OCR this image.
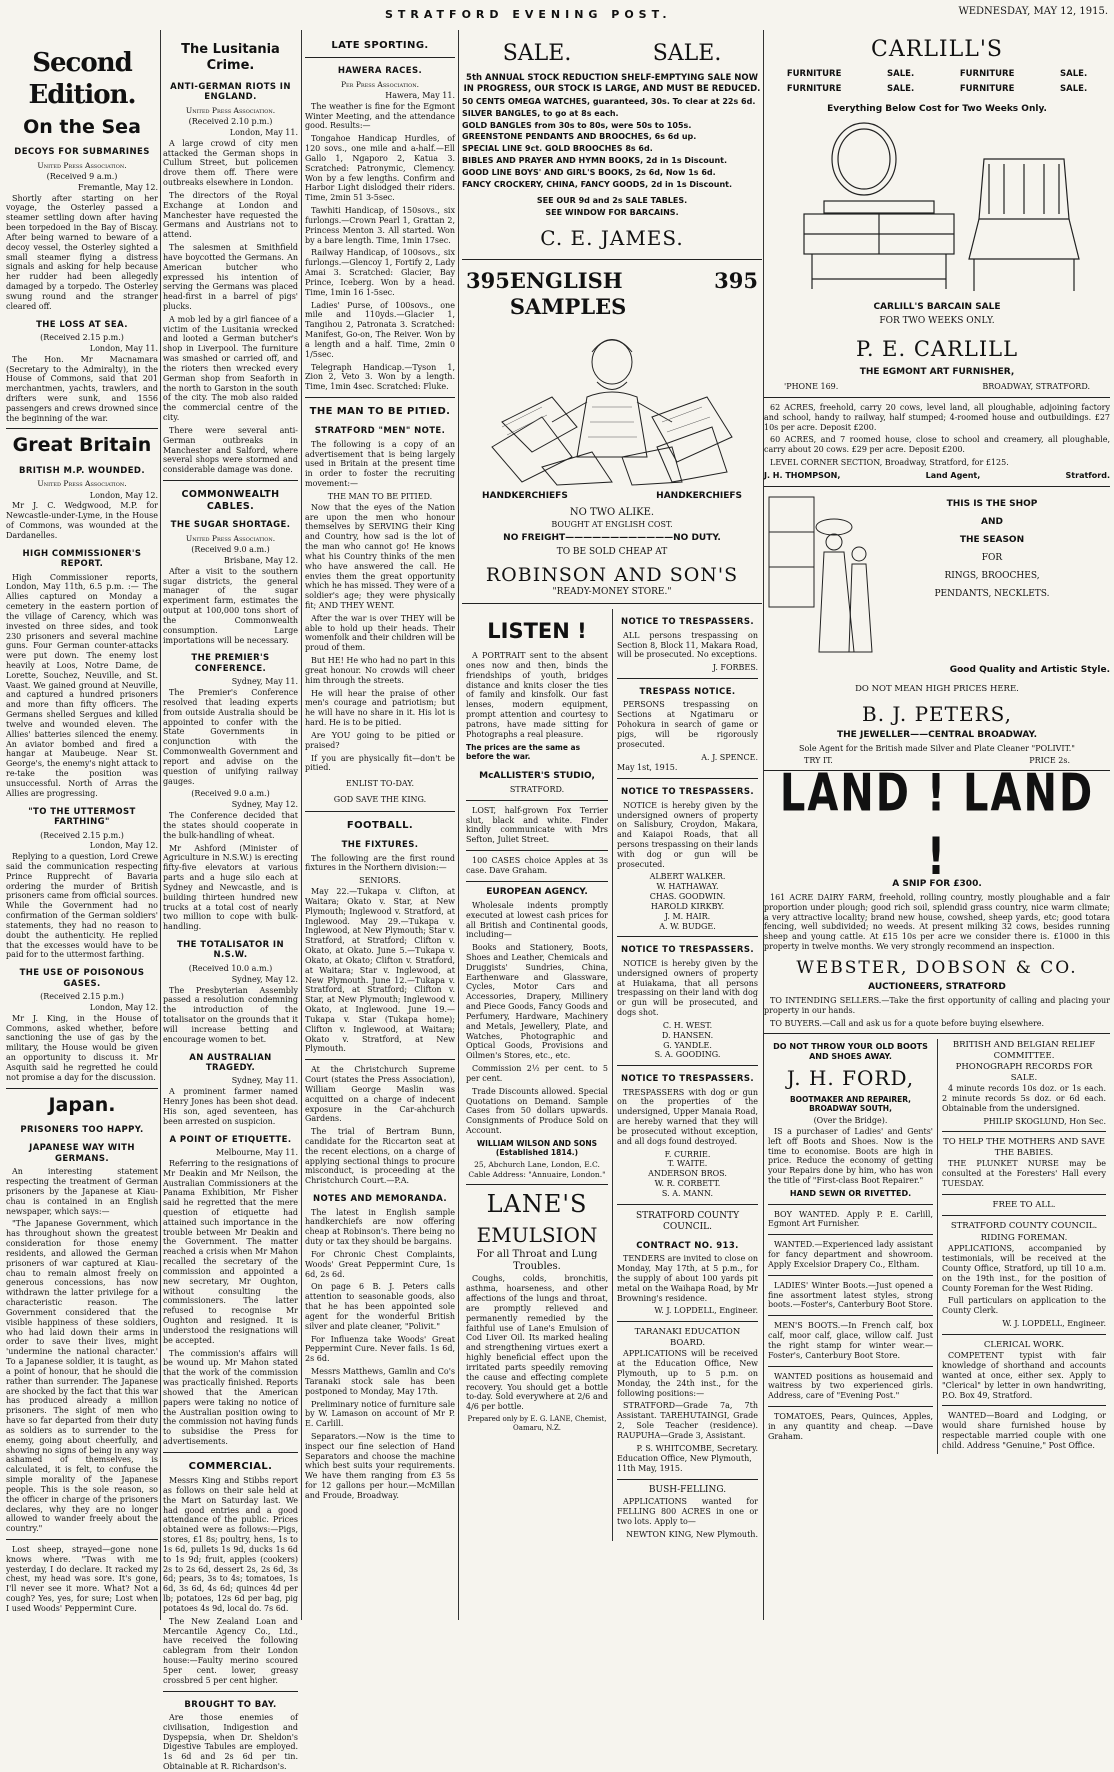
STRATFORD EVENING POST.	WEDNESDAY, MAY 12, 1915.
Second Edition.
On the Sea
DECOYS FOR SUBMARINES
United Press Association.
(Received 9 a.m.)
Fremantle, May 12.

Shortly after starting on her voyage, the Osterley passed a steamer settling down after having been torpedoed in the Bay of Biscay. After being warned to beware of a decoy vessel, the Osterley sighted a small steamer flying a distress signals and asking for help because her rudder had been allegedly damaged by a torpedo. The Osterley swung round and the stranger cleared off.

THE LOSS AT SEA.
(Received 2.15 p.m.)
London, May 11.

The Hon. Mr Macnamara (Secretary to the Admiralty), in the House of Commons, said that 201 merchantmen, yachts, trawlers, and drifters were sunk, and 1556 passengers and crews drowned since the beginning of the war.

Great Britain
BRITISH M.P. WOUNDED.
United Press Association.
London, May 12.

Mr J. C. Wedgwood, M.P. for Newcastle-under-Lyme, in the House of Commons, was wounded at the Dardanelles.

HIGH COMMISSIONER'S REPORT.

High Commissioner reports, London, May 11th, 6.5 p.m. :— The Allies captured on Monday a cemetery in the eastern portion of the village of Carency, which was invested on three sides, and took 230 prisoners and several machine guns. Four German counter-attacks were put down. The enemy lost heavily at Loos, Notre Dame, de Lorette, Souchez, Neuville, and St. Vaast. We gained ground at Neuville, and captured a hundred prisoners and more than fifty officers. The Germans shelled Sergues and killed twelve and wounded eleven. The Allies' batteries silenced the enemy. An aviator bombed and fired a hangar at Maubeuge. Near St. George's, the enemy's night attack to re-take the position was unsuccessful. North of Arras the Allies are progressing.

"TO THE UTTERMOST FARTHING"
(Received 2.15 p.m.)
London, May 12.

Replying to a question, Lord Crewe said the communication respecting Prince Rupprecht of Bavaria ordering the murder of British prisoners came from official sources. While the Government had no confirmation of the German soldiers' statements, they had no reason to doubt the authenticity. He replied that the excesses would have to be paid for to the uttermost farthing.

THE USE OF POISONOUS GASES.
(Received 2.15 p.m.)
London, May 12.

Mr J. King, in the House of Commons, asked whether, before sanctioning the use of gas by the military, the House would be given an opportunity to discuss it. Mr Asquith said he regretted he could not promise a day for the discussion.

Japan.
PRISONERS TOO HAPPY.
JAPANESE WAY WITH GERMANS.

An interesting statement respecting the treatment of German prisoners by the Japanese at Kiau-chau is contained in an English newspaper, which says:—

"The Japanese Government, which has throughout shown the greatest consideration for those enemy residents, and allowed the German prisoners of war captured at Kiau-chau to remain almost freely on generous concessions, has now withdrawn the latter privilege for a characteristic reason. The Government considered that the visible happiness of these soldiers, who had laid down their arms in order to save their lives, might 'undermine the national character.' To a Japanese soldier, it is taught, as a point of honour, that he should die rather than surrender. The Japanese are shocked by the fact that this war has produced already a million prisoners. The sight of men who have so far departed from their duty as soldiers as to surrender to the enemy, going about cheerfully, and showing no signs of being in any way ashamed of themselves, is calculated, it is felt, to confuse the simple morality of the Japanese people. This is the sole reason, so the officer in charge of the prisoners declares, why they are no longer allowed to wander freely about the country."

Lost sheep, strayed—gone none knows where. "Twas with me yesterday, I do declare. It racked my chest, my head was sore. It's gone, I'll never see it more. What? Not a cough? Yes, yes, for sure; Lost when I used Woods' Peppermint Cure.

The Lusitania Crime.
ANTI-GERMAN RIOTS IN ENGLAND.
United Press Association.
(Received 2.10 p.m.)
London, May 11.

A large crowd of city men attacked the German shops in Cullum Street, but policemen drove them off. There were outbreaks elsewhere in London.

The directors of the Royal Exchange at London and Manchester have requested the Germans and Austrians not to attend.

The salesmen at Smithfield have boycotted the Germans. An American butcher who expressed his intention of serving the Germans was placed head-first in a barrel of pigs' plucks.

A mob led by a girl fiancee of a victim of the Lusitania wrecked and looted a German butcher's shop in Liverpool. The furniture was smashed or carried off, and the rioters then wrecked every German shop from Seaforth in the north to Garston in the south of the city. The mob also raided the commercial centre of the city.

There were several anti-German outbreaks in Manchester and Salford, where several shops were stormed and considerable damage was done.

COMMONWEALTH CABLES.
THE SUGAR SHORTAGE.
United Press Association.
(Received 9.0 a.m.)
Brisbane, May 12.

After a visit to the southern sugar districts, the general manager of the sugar experiment farm, estimates the output at 100,000 tons short of the Commonwealth consumption. Large importations will be necessary.

THE PREMIER'S CONFERENCE.
Sydney, May 11.

The Premier's Conference resolved that leading experts from outside Australia should be appointed to confer with the State Governments in conjunction with the Commonwealth Government and report and advise on the question of unifying railway gauges.

(Received 9.0 a.m.)
Sydney, May 12.

The Conference decided that the states should cooperate in the bulk-handling of wheat.

Mr Ashford (Minister of Agriculture in N.S.W.) is erecting fifty-five elevators at various parts and a huge silo each at Sydney and Newcastle, and is building thirteen hundred new trucks at a total cost of nearly two million to cope with bulk-handling.

THE TOTALISATOR IN N.S.W.
(Received 10.0 a.m.)
Sydney, May 12.

The Presbyterian Assembly passed a resolution condemning the introduction of the totalisator on the grounds that it will increase betting and encourage women to bet.

AN AUSTRALIAN TRAGEDY.
Sydney, May 11.

A prominent farmer named Henry Jones has been shot dead. His son, aged seventeen, has been arrested on suspicion.

A POINT OF ETIQUETTE.
Melbourne, May 11.

Referring to the resignations of Mr Deakin and Mr Neilson, the Australian Commissioners at the Panama Exhibition, Mr Fisher said he regretted that the mere question of etiquette had attained such importance in the trouble between Mr Deakin and the Government. The matter reached a crisis when Mr Mahon recalled the secretary of the commission and appointed a new secretary, Mr Oughton, without consulting the commissioners. The latter refused to recognise Mr Oughton and resigned. It is understood the resignations will be accepted.

The commission's affairs will be wound up. Mr Mahon stated that the work of the commission was practically finished. Reports showed that the American papers were taking no notice of the Australian position owing to the commission not having funds to subsidise the Press for advertisements.

COMMERCIAL.

Messrs King and Stibbs report as follows on their sale held at the Mart on Saturday last. We had good entries and a good attendance of the public. Prices obtained were as follows:—Pigs, stores, £1 8s; poultry, hens, 1s to 1s 6d, pullets 1s 9d, ducks 1s 6d to 1s 9d; fruit, apples (cookers) 2s to 2s 6d, dessert 2s, 2s 6d, 3s 6d; pears, 3s to 4s; tomatoes, 1s 6d, 3s 6d, 4s 6d; quinces 4d per lb; potatoes, 12s 6d per bag, pig potatoes 4s 9d, local do. 7s 6d.

The New Zealand Loan and Mercantile Agency Co., Ltd., have received the following cablegram from their London house:—Faulty merino scoured 5per cent. lower, greasy crossbred 5 per cent higher.

BROUGHT TO BAY.

Are those enemies of civilisation, Indigestion and Dyspepsia, when Dr. Sheldon's Digestive Tabules are employed. 1s 6d and 2s 6d per tin. Obtainable at R. Richardson's.

LATE SPORTING.
HAWERA RACES.
Per Press Association.
Hawera, May 11.

The weather is fine for the Egmont Winter Meeting, and the attendance good. Results:—

Tongahoe Handicap Hurdles, of 120 sovs., one mile and a-half.—Ell Gallo 1, Ngaporo 2, Katua 3. Scratched: Patronymic, Clemency. Won by a few lengths. Confirm and Harbor Light dislodged their riders. Time, 2min 51 3-5sec.

Tawhiti Handicap, of 150sovs., six furlongs.—Crown Pearl 1, Grattan 2, Princess Menton 3. All started. Won by a bare length. Time, 1min 17sec.

Railway Handicap, of 100sovs., six furlongs.—Glencoy 1, Fortify 2, Lady Amai 3. Scratched: Glacier, Bay Prince, Iceberg. Won by a head. Time, 1min 16 1-5sec.

Ladies' Purse, of 100sovs., one mile and 110yds.—Glacier 1, Tangihou 2, Patronata 3. Scratched: Manifest, Go-on, The Reiver. Won by a length and a half. Time, 2min 0 1/5sec.

Telegraph Handicap.—Tyson 1, Zion 2, Veto 3. Won by a length. Time, 1min 4sec. Scratched: Fluke.

THE MAN TO BE PITIED.
STRATFORD "MEN" NOTE.

The following is a copy of an advertisement that is being largely used in Britain at the present time in order to foster the recruiting movement:—

THE MAN TO BE PITIED.

Now that the eyes of the Nation are upon the men who honour themselves by SERVING their King and Country, how sad is the lot of the man who cannot go! He knows what his Country thinks of the men who have answered the call. He envies them the great opportunity which he has missed. They were of a soldier's age; they were physically fit; AND THEY WENT.

After the war is over THEY will be able to hold up their heads. Their womenfolk and their children will be proud of them.

But HE! He who had no part in this great honour. No crowds will cheer him through the streets.

He will hear the praise of other men's courage and patriotism; but he will have no share in it. His lot is hard. He is to be pitied.

Are YOU going to be pitied or praised?

If you are physically fit—don't be pitied.

ENLIST TO-DAY.
GOD SAVE THE KING.
FOOTBALL.
THE FIXTURES.

The following are the first round fixtures in the Northern division:—

SENIORS.

May 22.—Tukapa v. Clifton, at Waitara; Okato v. Star, at New Plymouth; Inglewood v. Stratford, at Inglewood. May 29.—Tukapa v. Inglewood, at New Plymouth; Star v. Stratford, at Stratford; Clifton v. Okato, at Okato. June 5.—Tukapa v. Okato, at Okato; Clifton v. Stratford, at Waitara; Star v. Inglewood, at New Plymouth. June 12.—Tukapa v. Stratford, at Stratford; Clifton v. Star, at New Plymouth; Inglewood v. Okato, at Inglewood. June 19.—Tukapa v. Star (Tukapa home); Clifton v. Inglewood, at Waitara; Okato v. Stratford, at New Plymouth.

At the Christchurch Supreme Court (states the Press Association), William George Maslin was acquitted on a charge of indecent exposure in the Car-ahchurch Gardens.

The trial of Bertram Bunn, candidate for the Riccarton seat at the recent elections, on a charge of applying sectional things to procure misconduct, is proceeding at the Christchurch Court.—P.A.

NOTES AND MEMORANDA.

The latest in English sample handkerchiefs are now offering cheap at Robinson's. There being no duty or tax they should be bargains.

For Chronic Chest Complaints, Woods' Great Peppermint Cure, 1s 6d, 2s 6d.

On page 6 B. J. Peters calls attention to seasonable goods, also that he has been appointed sole agent for the wonderful British silver and plate cleaner, "Polivit."

For Influenza take Woods' Great Peppermint Cure. Never fails. 1s 6d, 2s 6d.

Messrs Matthews, Gamlin and Co's Taranaki stock sale has been postponed to Monday, May 17th.

Preliminary notice of furniture sale by W. Lamason on account of Mr P. E. Carlill.

Separators.—Now is the time to inspect our fine selection of Hand Separators and choose the machine which best suits your requirements. We have them ranging from £3 5s for 12 gallons per hour.—McMillan and Froude, Broadway.

SALE.	SALE.
5th ANNUAL STOCK REDUCTION SHELF-EMPTYING SALE NOW IN PROGRESS, OUR STOCK IS LARGE, AND MUST BE REDUCED.
50 CENTS OMEGA WATCHES, guaranteed, 30s. To clear at 22s 6d.
SILVER BANGLES, to go at 8s each.
GOLD BANGLES from 30s to 80s, were 50s to 105s.
GREENSTONE PENDANTS AND BROOCHES, 6s 6d up.
SPECIAL LINE 9ct. GOLD BROOCHES 8s 6d.
BIBLES AND PRAYER AND HYMN BOOKS, 2d in 1s Discount.
GOOD LINE BOYS' AND GIRL'S BOOKS, 2s 6d, Now 1s 6d.
FANCY CROCKERY, CHINA, FANCY GOODS, 2d in 1s Discount.
SEE OUR 9d and 2s SALE TABLES.
SEE WINDOW FOR BARCAINS.
C. E. JAMES.
395 ENGLISH SAMPLES
395
HANDKERCHIEFS	HANDKERCHIEFS
NO TWO ALIKE.
BOUGHT AT ENGLISH COST.
NO FREIGHT————————————NO DUTY.
TO BE SOLD CHEAP AT
ROBINSON AND SON'S
"READY-MONEY STORE."
LISTEN !

A PORTRAIT sent to the absent ones now and then, binds the friendships of youth, bridges distance and knits closer the ties of family and kinsfolk. Our fast lenses, modern equipment, prompt attention and courtesy to patrons, have made sitting for Photographs a real pleasure.

The prices are the same as before the war.
McALLISTER'S STUDIO,
STRATFORD.

LOST, half-grown Fox Terrier slut, black and white. Finder kindly communicate with Mrs Sefton, Juliet Street.

100 CASES choice Apples at 3s case. Dave Graham.

EUROPEAN AGENCY.

Wholesale indents promptly executed at lowest cash prices for all British and Continental goods, including—

Books and Stationery, Boots, Shoes and Leather, Chemicals and Druggists' Sundries, China, Earthenware and Glassware, Cycles, Motor Cars and Accessories, Drapery, Millinery and Piece Goods, Fancy Goods and Perfumery, Hardware, Machinery and Metals, Jewellery, Plate, and Watches, Photographic and Optical Goods, Provisions and Oilmen's Stores, etc., etc.

Commission 2½ per cent. to 5 per cent.

Trade Discounts allowed. Special Quotations on Demand. Sample Cases from 50 dollars upwards. Consignments of Produce Sold on Account.

WILLIAM WILSON AND SONS (Established 1814.)
25, Abchurch Lane, London, E.C. Cable Address: "Annuaire, London."
LANE'S
EMULSION
For all Throat and Lung Troubles.

Coughs, colds, bronchitis, asthma, hoarseness, and other affections of the lungs and throat, are promptly relieved and permanently remedied by the faithful use of Lane's Emulsion of Cod Liver Oil. Its marked healing and strengthening virtues exert a highly beneficial effect upon the irritated parts speedily removing the cause and effecting complete recovery. You should get a bottle to-day. Sold everywhere at 2/6 and 4/6 per bottle.

Prepared only by E. G. LANE, Chemist, Oamaru, N.Z.
NOTICE TO TRESPASSERS.

ALL persons trespassing on Section 8, Block 11, Makara Road, will be prosecuted. No exceptions.

J. FORBES.
TRESPASS NOTICE.

PERSONS trespassing on Sections at Ngatimaru or Pohokura in search of game or pigs, will be rigorously prosecuted.

A. J. SPENCE.
May 1st, 1915.
NOTICE TO TRESPASSERS.

NOTICE is hereby given by the undersigned owners of property on Salisbury, Croydon, Makara, and Kaiapoi Roads, that all persons trespassing on their lands with dog or gun will be prosecuted.

ALBERT WALKER.
W. HATHAWAY.
CHAS. GOODWIN.
HAROLD KIRKBY.
J. M. HAIR.
A. W. BUDGE.
NOTICE TO TRESPASSERS.

NOTICE is hereby given by the undersigned owners of property at Huiakama, that all persons trespassing on their land with dog or gun will be prosecuted, and dogs shot.

C. H. WEST.
D. HANSEN.
G. YANDLE.
S. A. GOODING.
NOTICE TO TRESPASSERS.

TRESPASSERS with dog or gun on the properties of the undersigned, Upper Manaia Road, are hereby warned that they will be prosecuted without exception, and all dogs found destroyed.

F. CURRIE.
T. WAITE.
ANDERSON BROS.
W. R. CORBETT.
S. A. MANN.
STRATFORD COUNTY COUNCIL.
CONTRACT NO. 913.

TENDERS are invited to close on Monday, May 17th, at 5 p.m., for the supply of about 100 yards pit metal on the Waihapa Road, by Mr Browning's residence.

W. J. LOPDELL, Engineer.
TARANAKI EDUCATION BOARD.

APPLICATIONS will be received at the Education Office, New Plymouth, up to 5 p.m. on Monday, the 24th inst., for the following positions:—

STRATFORD—Grade 7a, 7th Assistant. TAREHUTAINGI, Grade 2, Sole Teacher (residence). RAUPUHA—Grade 3, Assistant.

P. S. WHITCOMBE, Secretary.
Education Office, New Plymouth, 11th May, 1915.
BUSH-FELLING.

APPLICATIONS wanted for FELLING 800 ACRES in one or two lots. Apply to—

NEWTON KING, New Plymouth.
CARLILL'S
FURNITURE	SALE.	FURNITURE	SALE.
FURNITURE	SALE.	FURNITURE	SALE.
Everything Below Cost for Two Weeks Only.
CARLILL'S BARCAIN SALE
FOR TWO WEEKS ONLY.
P. E. CARLILL
THE EGMONT ART FURNISHER,
'PHONE 169.	BROADWAY, STRATFORD.

62 ACRES, freehold, carry 20 cows, level land, all ploughable, adjoining factory and school, handy to railway, half stumped; 4-roomed house and outbuildings. £27 10s per acre. Deposit £200.

60 ACRES, and 7 roomed house, close to school and creamery, all ploughable, carry about 20 cows. £29 per acre. Deposit £200.

LEVEL CORNER SECTION, Broadway, Stratford, for £125.

J. H. THOMPSON,	Land Agent,	Stratford.
THIS IS THE SHOP
AND
THE SEASON
FOR
RINGS, BROOCHES,
PENDANTS, NECKLETS.
Good Quality and Artistic Style.
DO NOT MEAN HIGH PRICES HERE.
B. J. PETERS,
THE JEWELLER——CENTRAL BROADWAY.
Sole Agent for the British made Silver and Plate Cleaner "POLIVIT."
TRY IT.	PRICE 2s.
LAND ! LAND !
A SNIP FOR £300.

161 ACRE DAIRY FARM, freehold, rolling country, mostly ploughable and a fair proportion under plough; good rich soil, splendid grass country, nice warm climate; a very attractive locality; brand new house, cowshed, sheep yards, etc; good totara fencing, well subdivided; no weeds. At present milking 32 cows, besides running sheep and young cattle. At £15 10s per acre we consider there is. £1000 in this property in twelve months. We very strongly recommend an inspection.

WEBSTER, DOBSON & CO.
AUCTIONEERS, STRATFORD

TO INTENDING SELLERS.—Take the first opportunity of calling and placing your property in our hands.

TO BUYERS.—Call and ask us for a quote before buying elsewhere.

DO NOT THROW YOUR OLD BOOTS AND SHOES AWAY.
J. H. FORD,
BOOTMAKER AND REPAIRER, BROADWAY SOUTH,
(Over the Bridge).

IS a purchaser of Ladies' and Gents' left off Boots and Shoes. Now is the time to economise. Boots are high in price. Reduce the economy of getting your Repairs done by him, who has won the title of "First-class Boot Repairer."

HAND SEWN OR RIVETTED.

BOY WANTED. Apply P. E. Carlill, Egmont Art Furnisher.

WANTED.—Experienced lady assistant for fancy department and showroom. Apply Excelsior Drapery Co., Eltham.

LADIES' Winter Boots.—Just opened a fine assortment latest styles, strong boots.—Foster's, Canterbury Boot Store.

MEN'S BOOTS.—In French calf, box calf, moor calf, glace, willow calf. Just the right stamp for winter wear.—Foster's, Canterbury Boot Store.

WANTED positions as housemaid and waitress by two experienced girls. Address, care of "Evening Post."

TOMATOES, Pears, Quinces, Apples, in any quantity and cheap. —Dave Graham.

BRITISH AND BELGIAN RELIEF COMMITTEE.
PHONOGRAPH RECORDS FOR SALE.

4 minute records 10s doz. or 1s each. 2 minute records 5s doz. or 6d each. Obtainable from the undersigned.

PHILIP SKOGLUND, Hon Sec.
TO HELP THE MOTHERS AND SAVE THE BABIES.

THE PLUNKET NURSE may be consulted at the Foresters' Hall every TUESDAY.

FREE TO ALL.
STRATFORD COUNTY COUNCIL.
RIDING FOREMAN.

APPLICATIONS, accompanied by testimonials, will be received at the County Office, Stratford, up till 10 a.m. on the 19th inst., for the position of County Foreman for the West Riding.

Full particulars on application to the County Clerk.

W. J. LOPDELL, Engineer.
CLERICAL WORK.

COMPETENT typist with fair knowledge of shorthand and accounts wanted at once, either sex. Apply to "Clerical" by letter in own handwriting, P.O. Box 49, Stratford.

WANTED—Board and Lodging, or would share furnished house by respectable married couple with one child. Address "Genuine," Post Office.
